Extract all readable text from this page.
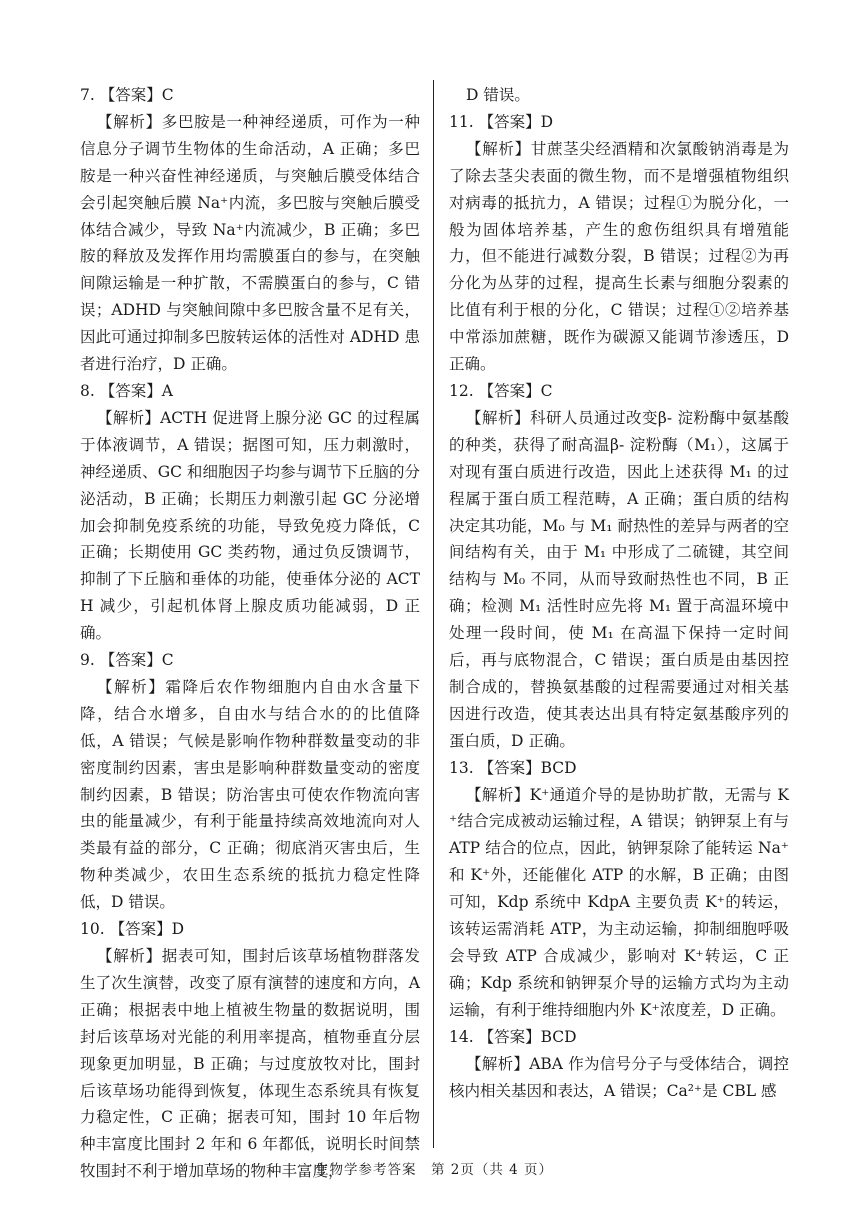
7. 【答案】C

【解析】多巴胺是一种神经递质，可作为一种信息分子调节生物体的生命活动，A 正确；多巴胺是一种兴奋性神经递质，与突触后膜受体结合会引起突触后膜 Na⁺内流，多巴胺与突触后膜受体结合减少，导致 Na⁺内流减少，B 正确；多巴胺的释放及发挥作用均需膜蛋白的参与，在突触间隙运输是一种扩散，不需膜蛋白的参与，C 错误；ADHD 与突触间隙中多巴胺含量不足有关，因此可通过抑制多巴胺转运体的活性对 ADHD 患者进行治疗，D 正确。

8. 【答案】A

【解析】ACTH 促进肾上腺分泌 GC 的过程属于体液调节，A 错误；据图可知，压力刺激时，神经递质、GC 和细胞因子均参与调节下丘脑的分泌活动，B 正确；长期压力刺激引起 GC 分泌增加会抑制免疫系统的功能，导致免疫力降低，C 正确；长期使用 GC 类药物，通过负反馈调节，抑制了下丘脑和垂体的功能，使垂体分泌的 ACTH 减少，引起机体肾上腺皮质功能减弱，D 正确。

9. 【答案】C

【解析】霜降后农作物细胞内自由水含量下降，结合水增多，自由水与结合水的的比值降低，A 错误；气候是影响作物种群数量变动的非密度制约因素，害虫是影响种群数量变动的密度制约因素，B 错误；防治害虫可使农作物流向害虫的能量减少，有利于能量持续高效地流向对人类最有益的部分，C 正确；彻底消灭害虫后，生物种类减少，农田生态系统的抵抗力稳定性降低，D 错误。

10. 【答案】D

【解析】据表可知，围封后该草场植物群落发生了次生演替，改变了原有演替的速度和方向，A 正确；根据表中地上植被生物量的数据说明，围封后该草场对光能的利用率提高，植物垂直分层现象更加明显，B 正确；与过度放牧对比，围封后该草场功能得到恢复，体现生态系统具有恢复力稳定性，C 正确；据表可知，围封 10 年后物种丰富度比围封 2 年和 6 年都低，说明长时间禁牧围封不利于增加草场的物种丰富度，

D 错误。

11. 【答案】D

【解析】甘蔗茎尖经酒精和次氯酸钠消毒是为了除去茎尖表面的微生物，而不是增强植物组织对病毒的抵抗力，A 错误；过程①为脱分化，一般为固体培养基，产生的愈伤组织具有增殖能力，但不能进行减数分裂，B 错误；过程②为再分化为丛芽的过程，提高生长素与细胞分裂素的比值有利于根的分化，C 错误；过程①②培养基中常添加蔗糖，既作为碳源又能调节渗透压，D 正确。

12. 【答案】C

【解析】科研人员通过改变β- 淀粉酶中氨基酸的种类，获得了耐高温β- 淀粉酶（M₁），这属于对现有蛋白质进行改造，因此上述获得 M₁ 的过程属于蛋白质工程范畴，A 正确；蛋白质的结构决定其功能，M₀ 与 M₁ 耐热性的差异与两者的空间结构有关，由于 M₁ 中形成了二硫键，其空间结构与 M₀ 不同，从而导致耐热性也不同，B 正确；检测 M₁ 活性时应先将 M₁ 置于高温环境中处理一段时间，使 M₁ 在高温下保持一定时间后，再与底物混合，C 错误；蛋白质是由基因控制合成的，替换氨基酸的过程需要通过对相关基因进行改造，使其表达出具有特定氨基酸序列的蛋白质，D 正确。

13. 【答案】BCD

【解析】K⁺通道介导的是协助扩散，无需与 K⁺结合完成被动运输过程，A 错误；钠钾泵上有与 ATP 结合的位点，因此，钠钾泵除了能转运 Na⁺和 K⁺外，还能催化 ATP 的水解，B 正确；由图可知，Kdp 系统中 KdpA 主要负责 K⁺的转运，该转运需消耗 ATP，为主动运输，抑制细胞呼吸会导致 ATP 合成减少，影响对 K⁺转运，C 正确；Kdp 系统和钠钾泵介导的运输方式均为主动运输，有利于维持细胞内外 K⁺浓度差，D 正确。

14. 【答案】BCD

【解析】ABA 作为信号分子与受体结合，调控核内相关基因和表达，A 错误；Ca²⁺是 CBL 感

生物学参考答案　第 2页（共 4 页）
